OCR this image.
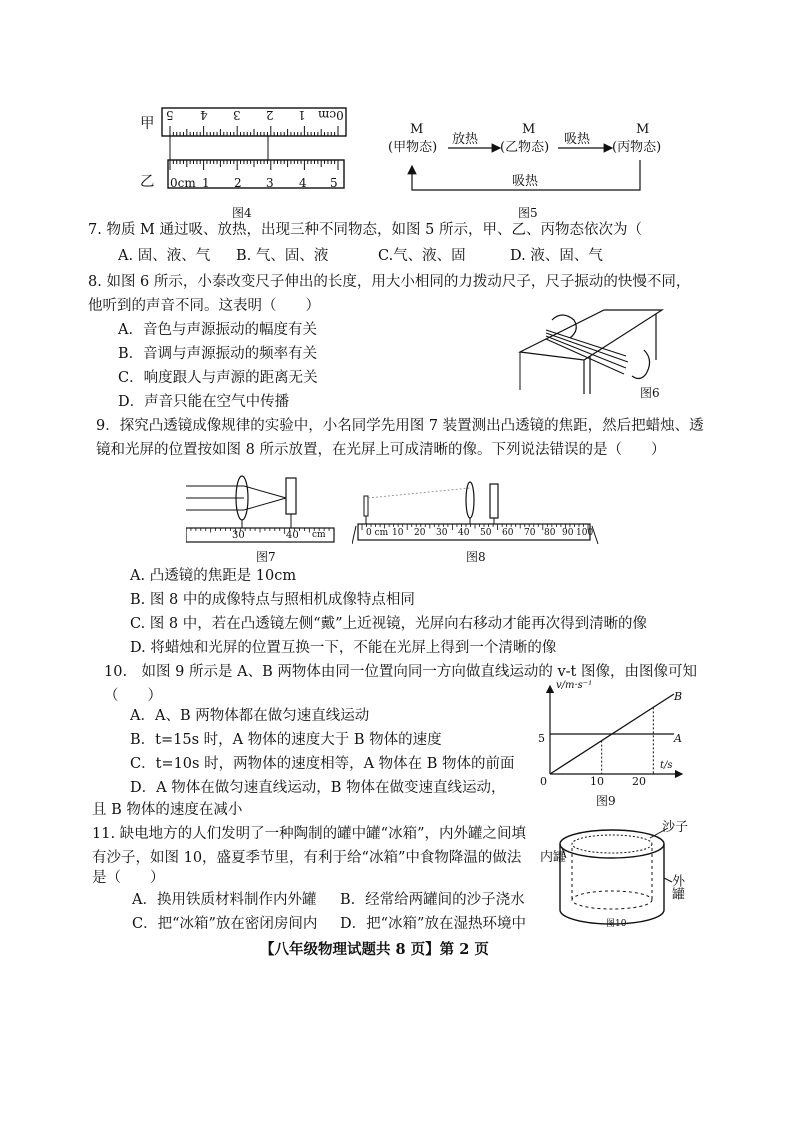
甲
乙
5 4 3 2 1 0cm
0cm 1 2 3 4 5
图4
M
(甲物态)
放热
M
(乙物态)
吸热
M
(丙物态)
吸热
图5
7. 物质 M 通过吸、放热，出现三种不同物态，如图 5 所示，甲、乙、丙物态依次为（
A. 固、液、气 B. 气、固、液	C.气、液、固	D. 液、固、气
8. 如图 6 所示，小泰改变尺子伸出的长度，用大小相同的力拨动尺子，尺子振动的快慢不同，
他听到的声音不同。这表明（　　）
A．音色与声源振动的幅度有关
B．音调与声源振动的频率有关
C．响度跟人与声源的距离无关
D．声音只能在空气中传播
图6
9．探究凸透镜成像规律的实验中，小名同学先用图 7 装置测出凸透镜的焦距，然后把蜡烛、透
镜和光屏的位置按如图 8 所示放置，在光屏上可成清晰的像。下列说法错误的是（　　）
30	40 cm
图7
0 cm 10 20 30 40 50 60 70 80 90 100
图8
A. 凸透镜的焦距是 10cm
B. 图 8 中的成像特点与照相机成像特点相同
C. 图 8 中，若在凸透镜左侧“戴”上近视镜，光屏向右移动才能再次得到清晰的像
D. 将蜡烛和光屏的位置互换一下，不能在光屏上得到一个清晰的像
10.　如图 9 所示是 A、B 两物体由同一位置向同一方向做直线运动的 v-t 图像，由图像可知
（　　）
A．A、B 两物体都在做匀速直线运动
B．t=15s 时，A 物体的速度大于 B 物体的速度
C．t=10s 时，两物体的速度相等，A 物体在 B 物体的前面
D．A 物体在做匀速直线运动，B 物体在做变速直线运动，
且 B 物体的速度在减小
v/m·s⁻¹
t/s
0	10	20
5	A
B
图9
11. 缺电地方的人们发明了一种陶制的罐中罐“冰箱”，内外罐之间填
有沙子，如图 10，盛夏季节里，有利于给“冰箱”中食物降温的做法
是（　　）
A．换用铁质材料制作内外罐 B．经常给两罐间的沙子浇水
C．把“冰箱”放在密闭房间内 D．把“冰箱”放在湿热环境中
沙子
内罐
外罐
图10
【八年级物理试题共 8 页】第 2 页
